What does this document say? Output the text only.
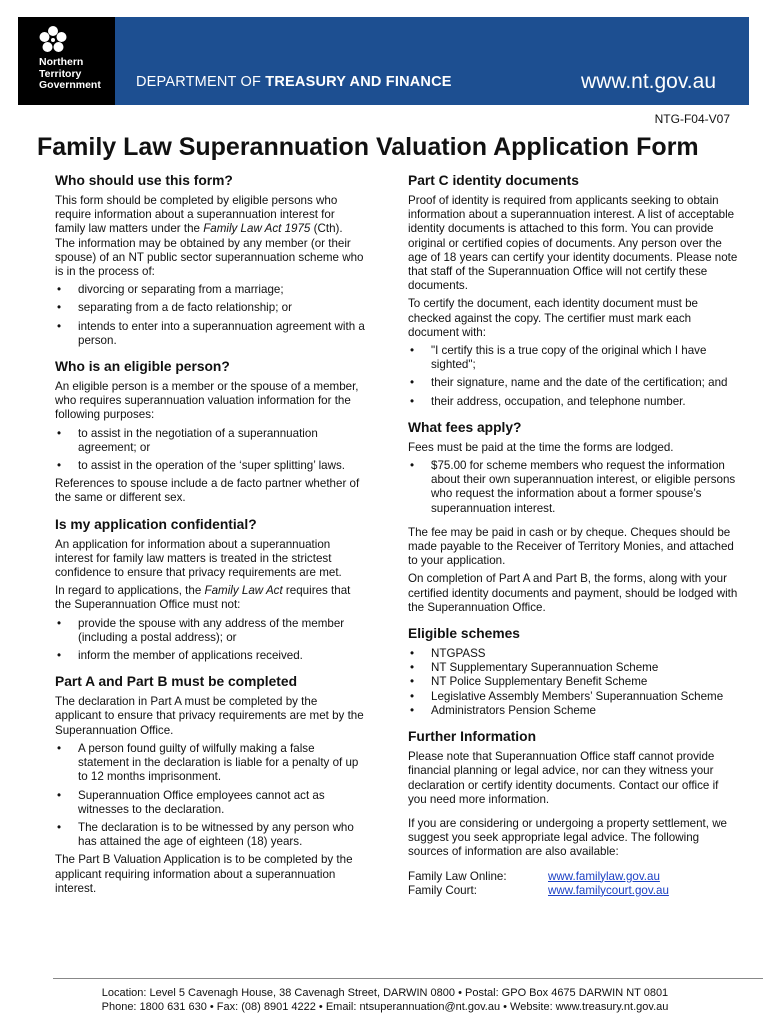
Northern
Territory
Government DEPARTMENT OF TREASURY AND FINANCE	www.nt.gov.au
NTG-F04-V07
Family Law Superannuation Valuation Application Form
Who should use this form?

This form should be completed by eligible persons who require information about a superannuation interest for family law matters under the Family Law Act 1975 (Cth). The information may be obtained by any member (or their spouse) of an NT public sector superannuation scheme who is in the process of:

• divorcing or separating from a marriage;
• separating from a de facto relationship; or
• intends to enter into a superannuation agreement with a person.
Who is an eligible person?

An eligible person is a member or the spouse of a member, who requires superannuation valuation information for the following purposes:

• to assist in the negotiation of a superannuation agreement; or
• to assist in the operation of the ‘super splitting’ laws.

References to spouse include a de facto partner whether of the same or different sex.

Is my application confidential?

An application for information about a superannuation interest for family law matters is treated in the strictest confidence to ensure that privacy requirements are met.

In regard to applications, the Family Law Act requires that the Superannuation Office must not:

• provide the spouse with any address of the member (including a postal address); or
• inform the member of applications received.
Part A and Part B must be completed

The declaration in Part A must be completed by the applicant to ensure that privacy requirements are met by the Superannuation Office.

• A person found guilty of wilfully making a false statement in the declaration is liable for a penalty of up to 12 months imprisonment.
• Superannuation Office employees cannot act as witnesses to the declaration.
• The declaration is to be witnessed by any person who has attained the age of eighteen (18) years.

The Part B Valuation Application is to be completed by the applicant requiring information about a superannuation interest.

Part C identity documents

Proof of identity is required from applicants seeking to obtain information about a superannuation interest. A list of acceptable identity documents is attached to this form. You can provide original or certified copies of documents. Any person over the age of 18 years can certify your identity documents. Please note that staff of the Superannuation Office will not certify these documents.

To certify the document, each identity document must be checked against the copy. The certifier must mark each document with:

• "I certify this is a true copy of the original which I have sighted";
• their signature, name and the date of the certification; and
• their address, occupation, and telephone number.
What fees apply?

Fees must be paid at the time the forms are lodged.

• $75.00 for scheme members who request the information about their own superannuation interest, or eligible persons who request the information about a former spouse’s superannuation interest.

The fee may be paid in cash or by cheque. Cheques should be made payable to the Receiver of Territory Monies, and attached to your application.

On completion of Part A and Part B, the forms, along with your certified identity documents and payment, should be lodged with the Superannuation Office.

Eligible schemes
• NTGPASS
• NT Supplementary Superannuation Scheme
• NT Police Supplementary Benefit Scheme
• Legislative Assembly Members’ Superannuation Scheme
• Administrators Pension Scheme
Further Information

Please note that Superannuation Office staff cannot provide financial planning or legal advice, nor can they witness your declaration or certify identity documents. Contact our office if you need more information.

If you are considering or undergoing a property settlement, we suggest you seek appropriate legal advice. The following sources of information are also available:

Family Law Online:	www.familylaw.gov.au
Family Court:	www.familycourt.gov.au
Location: Level 5 Cavenagh House, 38 Cavenagh Street, DARWIN 0800 • Postal: GPO Box 4675 DARWIN NT 0801
Phone: 1800 631 630 • Fax: (08) 8901 4222 • Email: ntsuperannuation@nt.gov.au • Website: www.treasury.nt.gov.au
